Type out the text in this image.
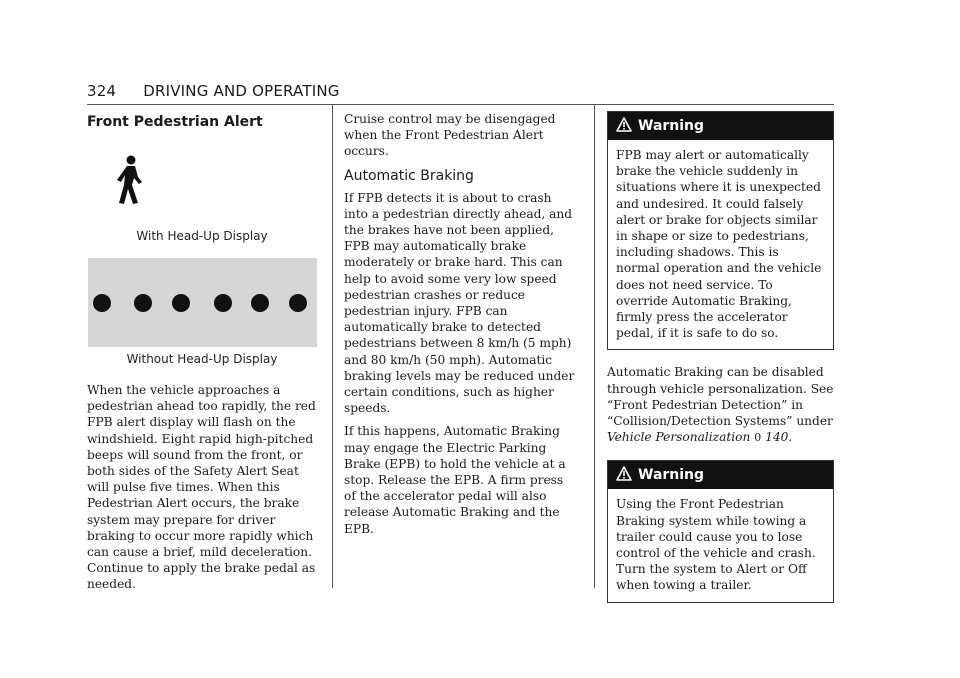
324 DRIVING AND OPERATING
Front Pedestrian Alert
With Head-Up Display
Without Head-Up Display

When the vehicle approaches a pedestrian ahead too rapidly, the red FPB alert display will flash on the windshield. Eight rapid high-pitched beeps will sound from the front, or both sides of the Safety Alert Seat will pulse five times. When this Pedestrian Alert occurs, the brake system may prepare for driver braking to occur more rapidly which can cause a brief, mild deceleration. Continue to apply the brake pedal as needed.

Cruise control may be disengaged when the Front Pedestrian Alert occurs.

Automatic Braking

If FPB detects it is about to crash into a pedestrian directly ahead, and the brakes have not been applied, FPB may automatically brake moderately or brake hard. This can help to avoid some very low speed pedestrian crashes or reduce pedestrian injury. FPB can automatically brake to detected pedestrians between 8 km/h (5 mph) and 80 km/h (50 mph). Automatic braking levels may be reduced under certain conditions, such as higher speeds.

If this happens, Automatic Braking may engage the Electric Parking Brake (EPB) to hold the vehicle at a stop. Release the EPB. A firm press of the accelerator pedal will also release Automatic Braking and the EPB.

Warning

FPB may alert or automatically brake the vehicle suddenly in situations where it is unexpected and undesired. It could falsely alert or brake for objects similar in shape or size to pedestrians, including shadows. This is normal operation and the vehicle does not need service. To override Automatic Braking, firmly press the accelerator pedal, if it is safe to do so.

Automatic Braking can be disabled through vehicle personalization. See “Front Pedestrian Detection” in “Collision/Detection Systems” under Vehicle Personalization 0 140.

Warning

Using the Front Pedestrian Braking system while towing a trailer could cause you to lose control of the vehicle and crash. Turn the system to Alert or Off when towing a trailer.
